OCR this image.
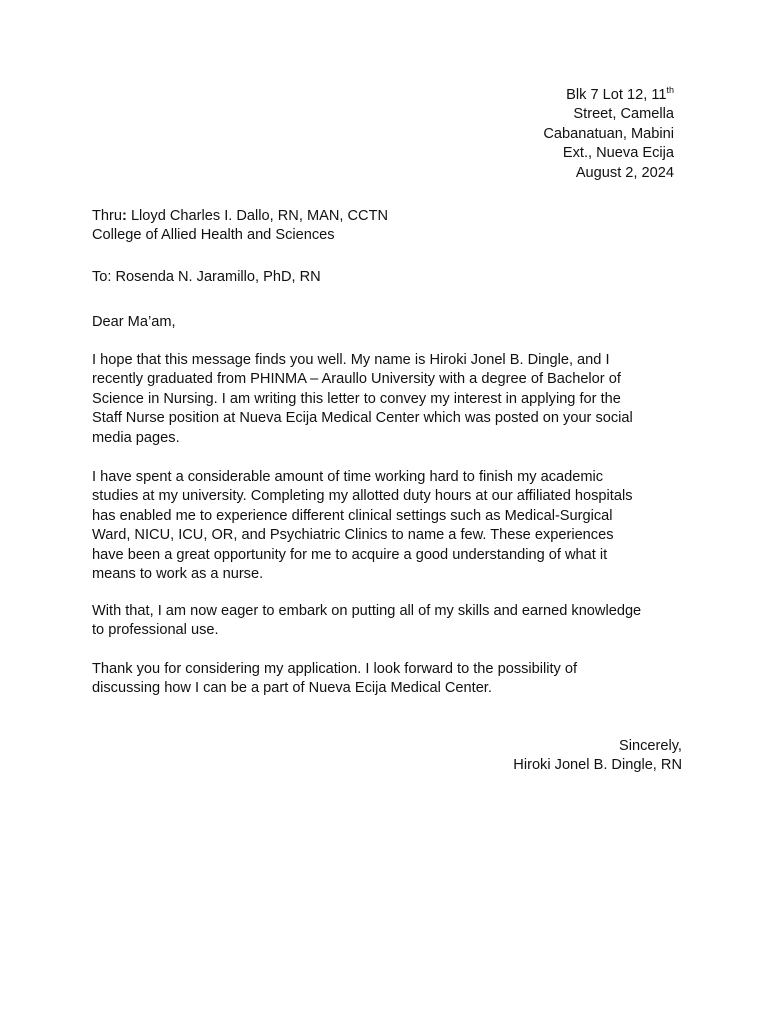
Blk 7 Lot 12, 11th
Street, Camella
Cabanatuan, Mabini
Ext., Nueva Ecija
August 2, 2024
Thru: Lloyd Charles I. Dallo, RN, MAN, CCTN
College of Allied Health and Sciences
To: Rosenda N. Jaramillo, PhD, RN
Dear Ma’am,

I hope that this message finds you well. My name is Hiroki Jonel B. Dingle, and I

recently graduated from PHINMA – Araullo University with a degree of Bachelor of

Science in Nursing. I am writing this letter to convey my interest in applying for the

Staff Nurse position at Nueva Ecija Medical Center which was posted on your social

media pages.

I have spent a considerable amount of time working hard to finish my academic

studies at my university. Completing my allotted duty hours at our affiliated hospitals

has enabled me to experience different clinical settings such as Medical-Surgical

Ward, NICU, ICU, OR, and Psychiatric Clinics to name a few. These experiences

have been a great opportunity for me to acquire a good understanding of what it

means to work as a nurse.

With that, I am now eager to embark on putting all of my skills and earned knowledge

to professional use.

Thank you for considering my application. I look forward to the possibility of

discussing how I can be a part of Nueva Ecija Medical Center.

Sincerely,
Hiroki Jonel B. Dingle, RN
